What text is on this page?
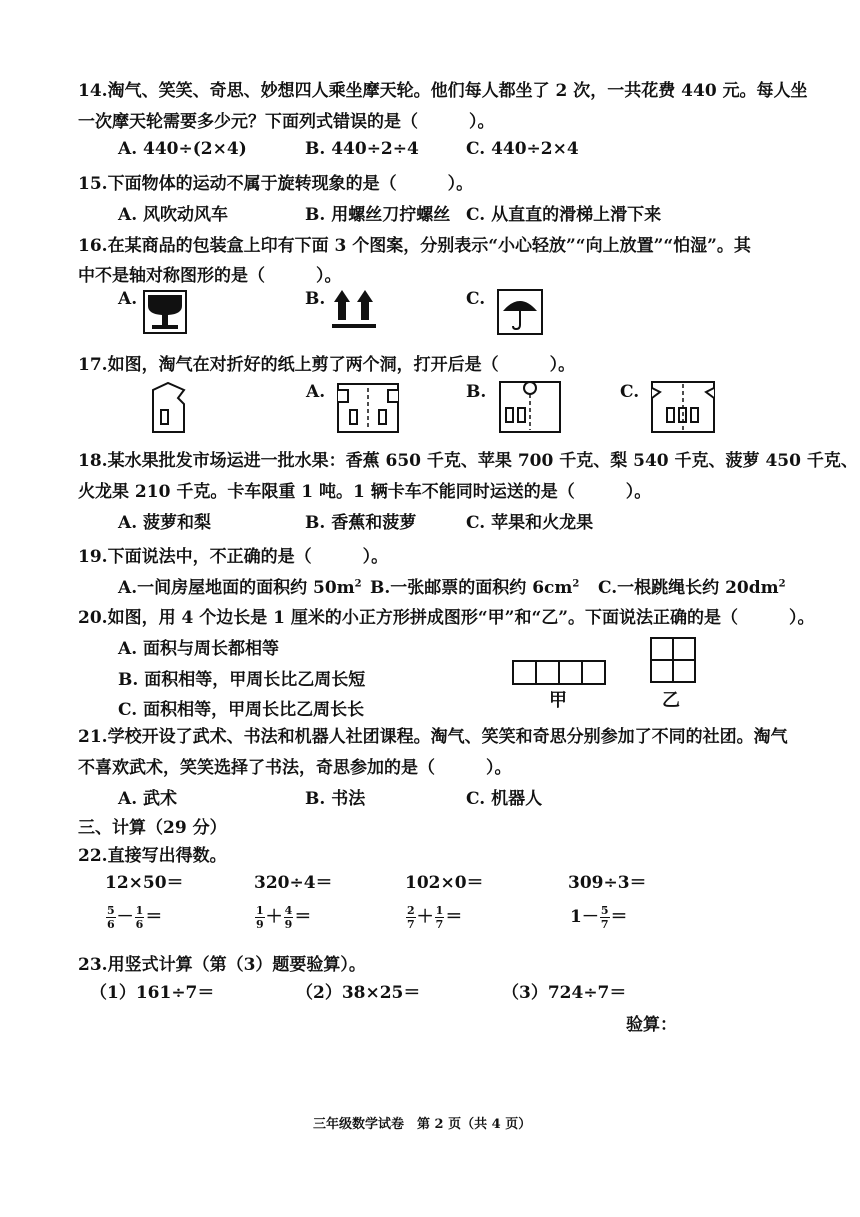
14.淘气、笑笑、奇思、妙想四人乘坐摩天轮。他们每人都坐了 2 次，一共花费 440 元。每人坐
一次摩天轮需要多少元？下面列式错误的是（　　　）。
A. 440÷(2×4)	B. 440÷2÷4	C. 440÷2×4
15.下面物体的运动不属于旋转现象的是（　　　）。
A. 风吹动风车	B. 用螺丝刀拧螺丝 C. 从直直的滑梯上滑下来
16.在某商品的包装盒上印有下面 3 个图案，分别表示“小心轻放”“向上放置”“怕湿”。其
中不是轴对称图形的是（　　　）。
A.	B.	C.
17.如图，淘气在对折好的纸上剪了两个洞，打开后是（　　　）。
A.	B.	C.
18.某水果批发市场运进一批水果：香蕉 650 千克、苹果 700 千克、梨 540 千克、菠萝 450 千克、
火龙果 210 千克。卡车限重 1 吨。1 辆卡车不能同时运送的是（　　　）。
A. 菠萝和梨	B. 香蕉和菠萝	C. 苹果和火龙果
19.下面说法中，不正确的是（　　　）。
A.一间房屋地面的面积约 $50m^2$ B.一张邮票的面积约 $6cm^2$ C.一根跳绳长约 $20dm^2$
20.如图，用 4 个边长是 1 厘米的小正方形拼成图形“甲”和“乙”。下面说法正确的是（　　　）。
A. 面积与周长都相等
B. 面积相等，甲周长比乙周长短
C. 面积相等，甲周长比乙周长长	甲	乙
21.学校开设了武术、书法和机器人社团课程。淘气、笑笑和奇思分别参加了不同的社团。淘气
不喜欢武术，笑笑选择了书法，奇思参加的是（　　　）。
A. 武术	B. 书法	C. 机器人
三、计算（29 分）
22.直接写出得数。
12×50＝	320÷4＝	102×0＝	309÷3＝
$\frac{5}{6} - \frac{1}{6}$ ＝	$\frac{1}{9} + \frac{4}{9}$ ＝	$\frac{2}{7} + \frac{1}{7}$ ＝	$1- \frac{5}{7}$ ＝
23.用竖式计算（第（3）题要验算）。
（1）161÷7＝	（2）38×25＝	（3）724÷7＝
验算：
三年级数学试卷　第 2 页（共 4 页）
